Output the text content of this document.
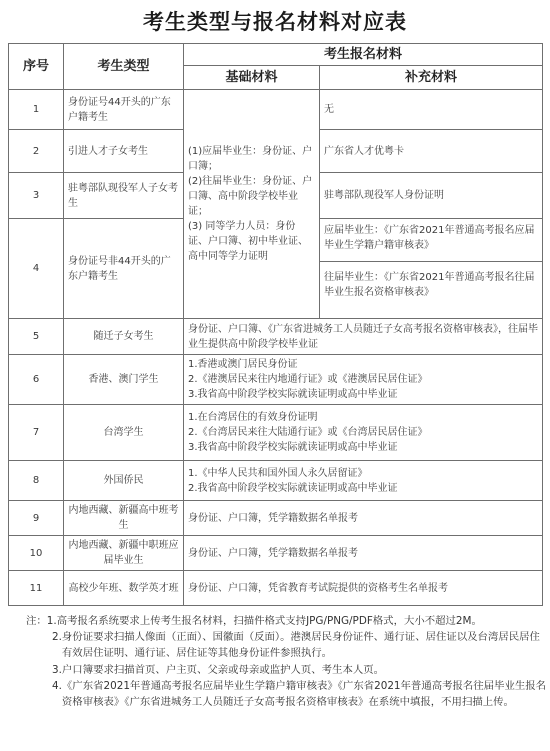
考生类型与报名材料对应表
序号	考生类型	考生报名材料	
		基础材料	补充材料
1	身份证号44开头的广东户籍考生	(1)应届毕业生：身份证、户口簿；
(2)往届毕业生：身份证、户口簿、高中阶段学校毕业证；
(3) 同等学力人员：身份证、户口簿、初中毕业证、高中同等学力证明	无
2	引进人才子女考生		广东省人才优粤卡
3	驻粤部队现役军人子女考生		驻粤部队现役军人身份证明
4	身份证号非44开头的广东户籍考生		应届毕业生：《广东省2021年普通高考报名应届毕业生学籍户籍审核表》
往届毕业生：《广东省2021年普通高考报名往届毕业生报名资格审核表》

5	随迁子女考生	身份证、户口簿、《广东省进城务工人员随迁子女高考报名资格审核表》，往届毕业生提供高中阶段学校毕业证	
6	香港、澳门学生	1.香港或澳门居民身份证
2.《港澳居民来往内地通行证》或《港澳居民居住证》
3.我省高中阶段学校实际就读证明或高中毕业证	

7	台湾学生	1.在台湾居住的有效身份证明
2.《台湾居民来往大陆通行证》或《台湾居民居住证》
3.我省高中阶段学校实际就读证明或高中毕业证	

8	外国侨民	1.《中华人民共和国外国人永久居留证》
2.我省高中阶段学校实际就读证明或高中毕业证	

9	内地西藏、新疆高中班考生	身份证、户口簿，凭学籍数据名单报考	
10	内地西藏、新疆中职班应届毕业生	身份证、户口簿，凭学籍数据名单报考	
11	高校少年班、数学英才班	身份证、户口簿，凭省教育考试院提供的资格考生名单报考	
注： 1. 高考报名系统要求上传考生报名材料，扫描件格式支持JPG/PNG/PDF格式，大小不超过2M。
2. 身份证要求扫描人像面（正面）、国徽面（反面）。港澳居民身份证件、通行证、居住证以及台湾居民居住有效居住证明、通行证、居住证等其他身份证件参照执行。
3. 户口簿要求扫描首页、户主页、父亲或母亲或监护人页、考生本人页。
4. 《广东省2021年普通高考报名应届毕业生学籍户籍审核表》《广东省2021年普通高考报名往届毕业生报名资格审核表》《广东省进城务工人员随迁子女高考报名资格审核表》在系统中填报，不用扫描上传。
